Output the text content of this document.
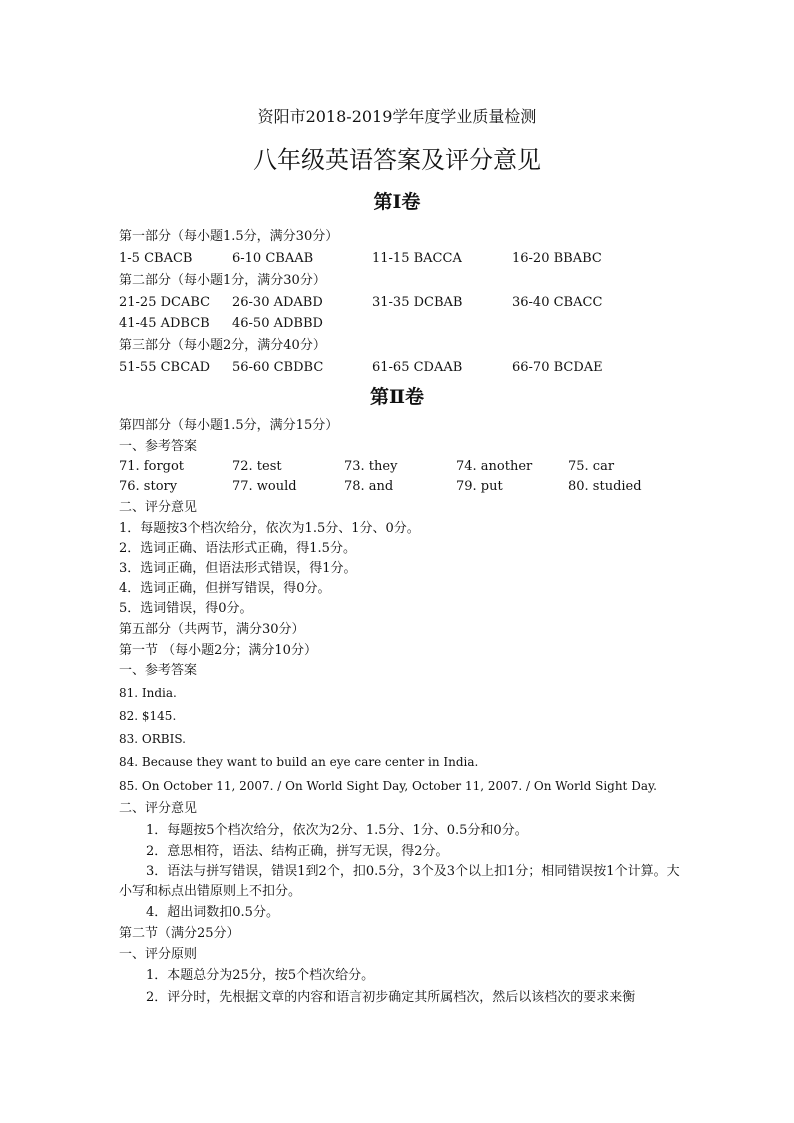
资阳市2018-2019学年度学业质量检测
八年级英语答案及评分意见
第Ⅰ卷
第一部分（每小题1.5分，满分30分）
1-5 CBACB	6-10 CBAAB	11-15 BACCA	16-20 BBABC
第二部分（每小题1分，满分30分）
21-25 DCABC 26-30 ADABD	31-35 DCBAB	36-40 CBACC
41-45 ADBCB 46-50 ADBBD
第三部分（每小题2分，满分40分）
51-55 CBCAD 56-60 CBDBC	61-65 CDAAB	66-70 BCDAE
第Ⅱ卷
第四部分（每小题1.5分，满分15分）
一、参考答案
71. forgot	72. test	73. they	74. another	75. car
76. story	77. would	78. and	79. put	80. studied
二、评分意见
1．每题按3个档次给分，依次为1.5分、1分、0分。
2．选词正确、语法形式正确，得1.5分。
3．选词正确，但语法形式错误，得1分。
4．选词正确，但拼写错误，得0分。
5．选词错误，得0分。
第五部分（共两节，满分30分）
第一节 （每小题2分；满分10分）
一、参考答案
81. India.
82. $145.
83. ORBIS.
84. Because they want to build an eye care center in India.
85. On October 11, 2007. / On World Sight Day, October 11, 2007. / On World Sight Day.
二、评分意见
1．每题按5个档次给分，依次为2分、1.5分、1分、0.5分和0分。
2．意思相符，语法、结构正确，拼写无误，得2分。
3．语法与拼写错误，错误1到2个，扣0.5分，3个及3个以上扣1分；相同错误按1个计算。大小写和标点出错原则上不扣分。
4．超出词数扣0.5分。
第二节（满分25分）
一、评分原则
1．本题总分为25分，按5个档次给分。
2．评分时，先根据文章的内容和语言初步确定其所属档次，然后以该档次的要求来衡
